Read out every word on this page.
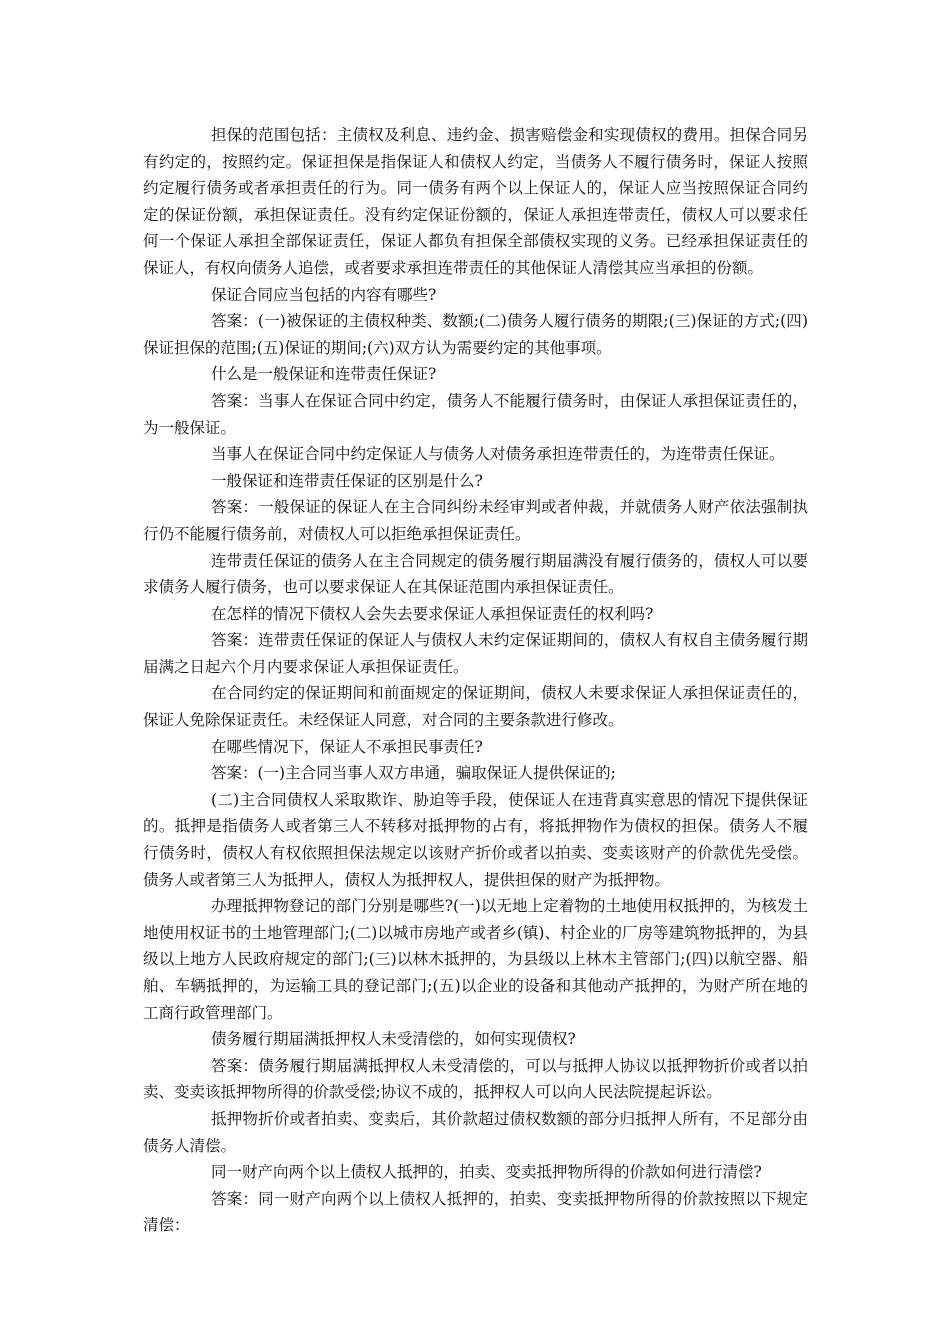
担保的范围包括：主债权及利息、违约金、损害赔偿金和实现债权的费用。担保合同另有约定的，按照约定。保证担保是指保证人和债权人约定，当债务人不履行债务时，保证人按照约定履行债务或者承担责任的行为。同一债务有两个以上保证人的，保证人应当按照保证合同约定的保证份额，承担保证责任。没有约定保证份额的，保证人承担连带责任，债权人可以要求任何一个保证人承担全部保证责任，保证人都负有担保全部债权实现的义务。已经承担保证责任的保证人，有权向债务人追偿，或者要求承担连带责任的其他保证人清偿其应当承担的份额。

保证合同应当包括的内容有哪些?

答案：(一)被保证的主债权种类、数额;(二)债务人履行债务的期限;(三)保证的方式;(四)保证担保的范围;(五)保证的期间;(六)双方认为需要约定的其他事项。

什么是一般保证和连带责任保证?

答案：当事人在保证合同中约定，债务人不能履行债务时，由保证人承担保证责任的，为一般保证。

当事人在保证合同中约定保证人与债务人对债务承担连带责任的，为连带责任保证。

一般保证和连带责任保证的区别是什么?

答案：一般保证的保证人在主合同纠纷未经审判或者仲裁，并就债务人财产依法强制执行仍不能履行债务前，对债权人可以拒绝承担保证责任。

连带责任保证的债务人在主合同规定的债务履行期届满没有履行债务的，债权人可以要求债务人履行债务，也可以要求保证人在其保证范围内承担保证责任。

在怎样的情况下债权人会失去要求保证人承担保证责任的权利吗?

答案：连带责任保证的保证人与债权人未约定保证期间的，债权人有权自主债务履行期届满之日起六个月内要求保证人承担保证责任。

在合同约定的保证期间和前面规定的保证期间，债权人未要求保证人承担保证责任的，保证人免除保证责任。未经保证人同意，对合同的主要条款进行修改。

在哪些情况下，保证人不承担民事责任?

答案：(一)主合同当事人双方串通，骗取保证人提供保证的;

(二)主合同债权人采取欺诈、胁迫等手段，使保证人在违背真实意思的情况下提供保证的。抵押是指债务人或者第三人不转移对抵押物的占有，将抵押物作为债权的担保。债务人不履行债务时，债权人有权依照担保法规定以该财产折价或者以拍卖、变卖该财产的价款优先受偿。债务人或者第三人为抵押人，债权人为抵押权人，提供担保的财产为抵押物。

办理抵押物登记的部门分别是哪些?(一)以无地上定着物的土地使用权抵押的，为核发土地使用权证书的土地管理部门;(二)以城市房地产或者乡(镇)、村企业的厂房等建筑物抵押的，为县级以上地方人民政府规定的部门;(三)以林木抵押的，为县级以上林木主管部门;(四)以航空器、船舶、车辆抵押的，为运输工具的登记部门;(五)以企业的设备和其他动产抵押的，为财产所在地的工商行政管理部门。

债务履行期届满抵押权人未受清偿的，如何实现债权?

答案：债务履行期届满抵押权人未受清偿的，可以与抵押人协议以抵押物折价或者以拍卖、变卖该抵押物所得的价款受偿;协议不成的，抵押权人可以向人民法院提起诉讼。

抵押物折价或者拍卖、变卖后，其价款超过债权数额的部分归抵押人所有，不足部分由债务人清偿。

同一财产向两个以上债权人抵押的，拍卖、变卖抵押物所得的价款如何进行清偿?

答案：同一财产向两个以上债权人抵押的，拍卖、变卖抵押物所得的价款按照以下规定清偿：
